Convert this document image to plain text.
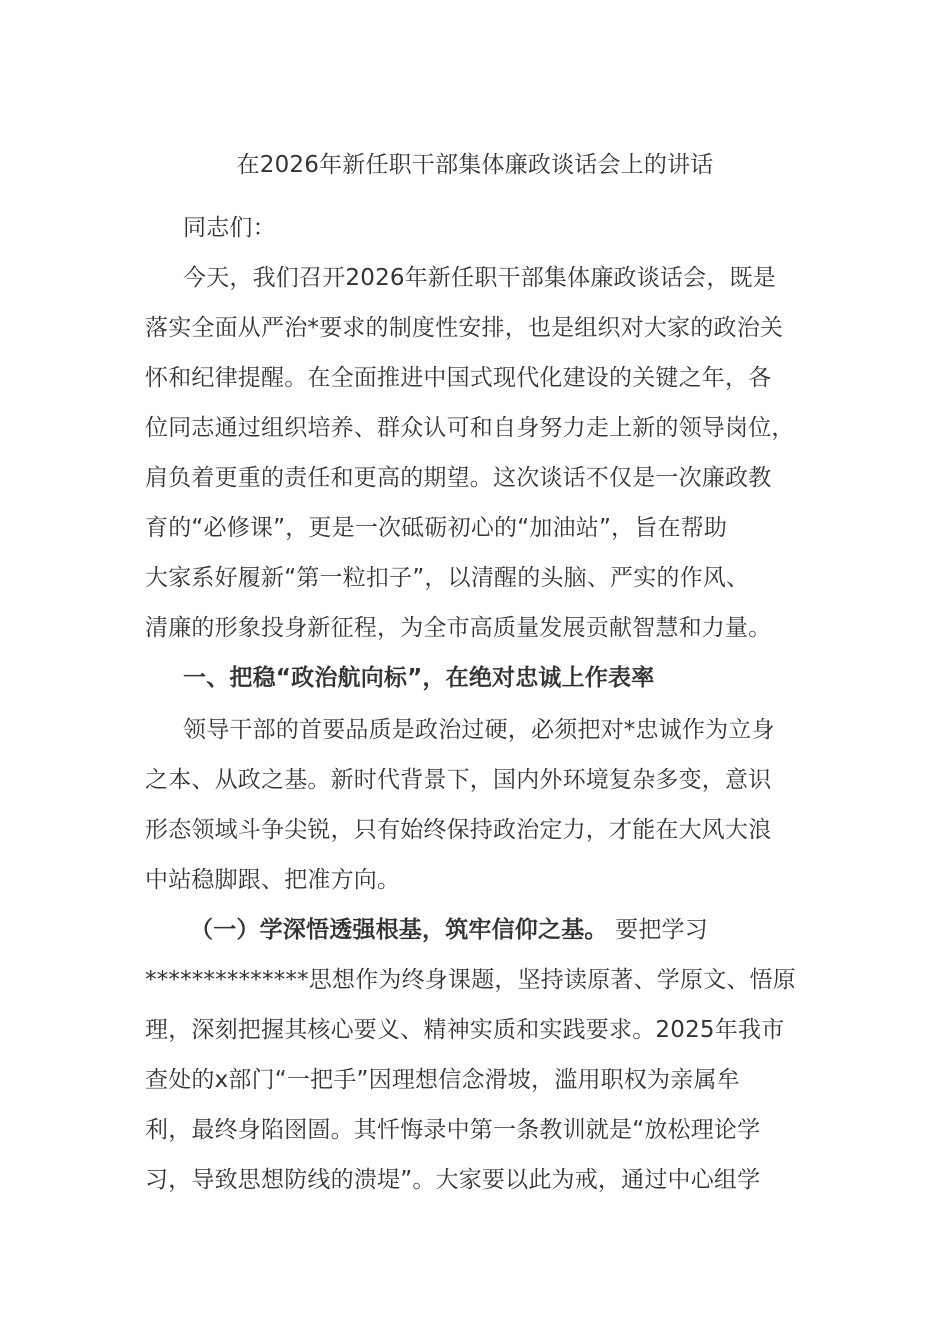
在2026年新任职干部集体廉政谈话会上的讲话
同志们：
今天，我们召开2026年新任职干部集体廉政谈话会，既是
落实全面从严治*要求的制度性安排，也是组织对大家的政治关
怀和纪律提醒。在全面推进中国式现代化建设的关键之年，各
位同志通过组织培养、群众认可和自身努力走上新的领导岗位，
肩负着更重的责任和更高的期望。这次谈话不仅是一次廉政教
育的“必修课”，更是一次砥砺初心的“加油站”，旨在帮助
大家系好履新“第一粒扣子”，以清醒的头脑、严实的作风、
清廉的形象投身新征程，为全市高质量发展贡献智慧和力量。
一、把稳“政治航向标”，在绝对忠诚上作表率
领导干部的首要品质是政治过硬，必须把对*忠诚作为立身
之本、从政之基。新时代背景下，国内外环境复杂多变，意识
形态领域斗争尖锐，只有始终保持政治定力，才能在大风大浪
中站稳脚跟、把准方向。
（一）学深悟透强根基，筑牢信仰之基。 要把学习
**************思想作为终身课题，坚持读原著、学原文、悟原
理，深刻把握其核心要义、精神实质和实践要求。2025年我市
查处的x部门“一把手”因理想信念滑坡，滥用职权为亲属牟
利，最终身陷囹圄。其忏悔录中第一条教训就是“放松理论学
习，导致思想防线的溃堤”。大家要以此为戒，通过中心组学
